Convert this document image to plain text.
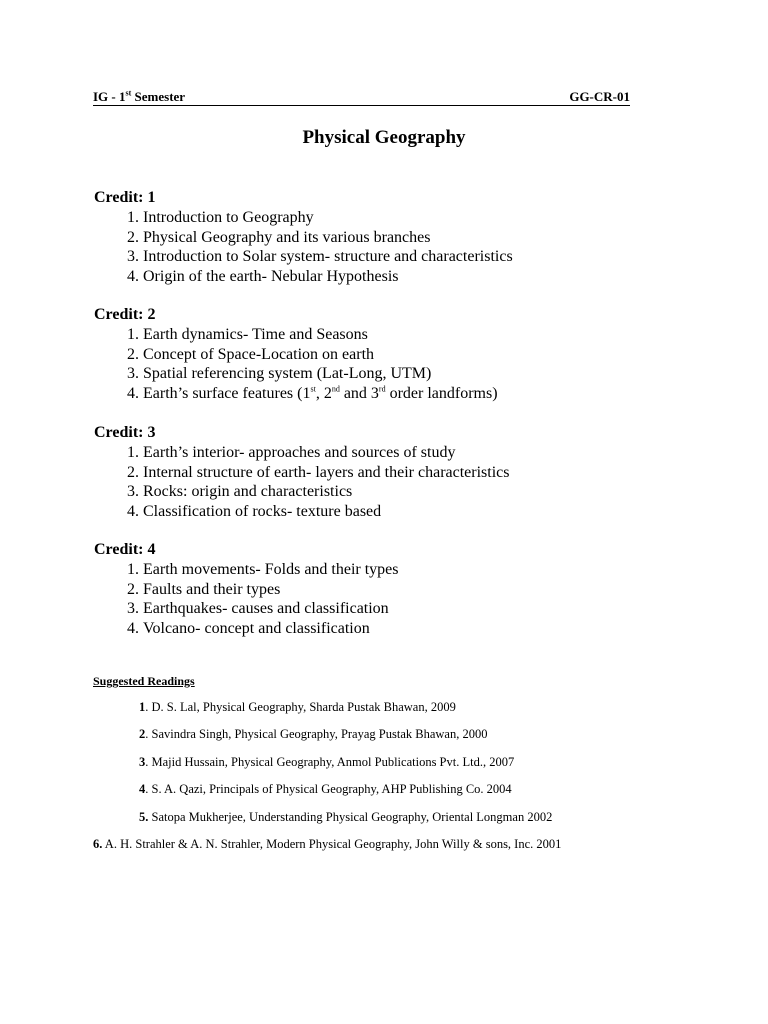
IG - 1st Semester	GG-CR-01
Physical Geography
Credit: 1
1. Introduction to Geography
2. Physical Geography and its various branches
3. Introduction to Solar system- structure and characteristics
4. Origin of the earth- Nebular Hypothesis
Credit: 2
1. Earth dynamics- Time and Seasons
2. Concept of Space-Location on earth
3. Spatial referencing system (Lat-Long, UTM)
4. Earth’s surface features (1st, 2nd and 3rd order landforms)
Credit: 3
1. Earth’s interior- approaches and sources of study
2. Internal structure of earth- layers and their characteristics
3. Rocks: origin and characteristics
4. Classification of rocks- texture based
Credit: 4
1. Earth movements- Folds and their types
2. Faults and their types
3. Earthquakes- causes and classification
4. Volcano- concept and classification
Suggested Readings
1. D. S. Lal, Physical Geography, Sharda Pustak Bhawan, 2009
2. Savindra Singh, Physical Geography, Prayag Pustak Bhawan, 2000
3. Majid Hussain, Physical Geography, Anmol Publications Pvt. Ltd., 2007
4. S. A. Qazi, Principals of Physical Geography, AHP Publishing Co. 2004
5. Satopa Mukherjee, Understanding Physical Geography, Oriental Longman 2002
6. A. H. Strahler & A. N. Strahler, Modern Physical Geography, John Willy & sons, Inc. 2001
